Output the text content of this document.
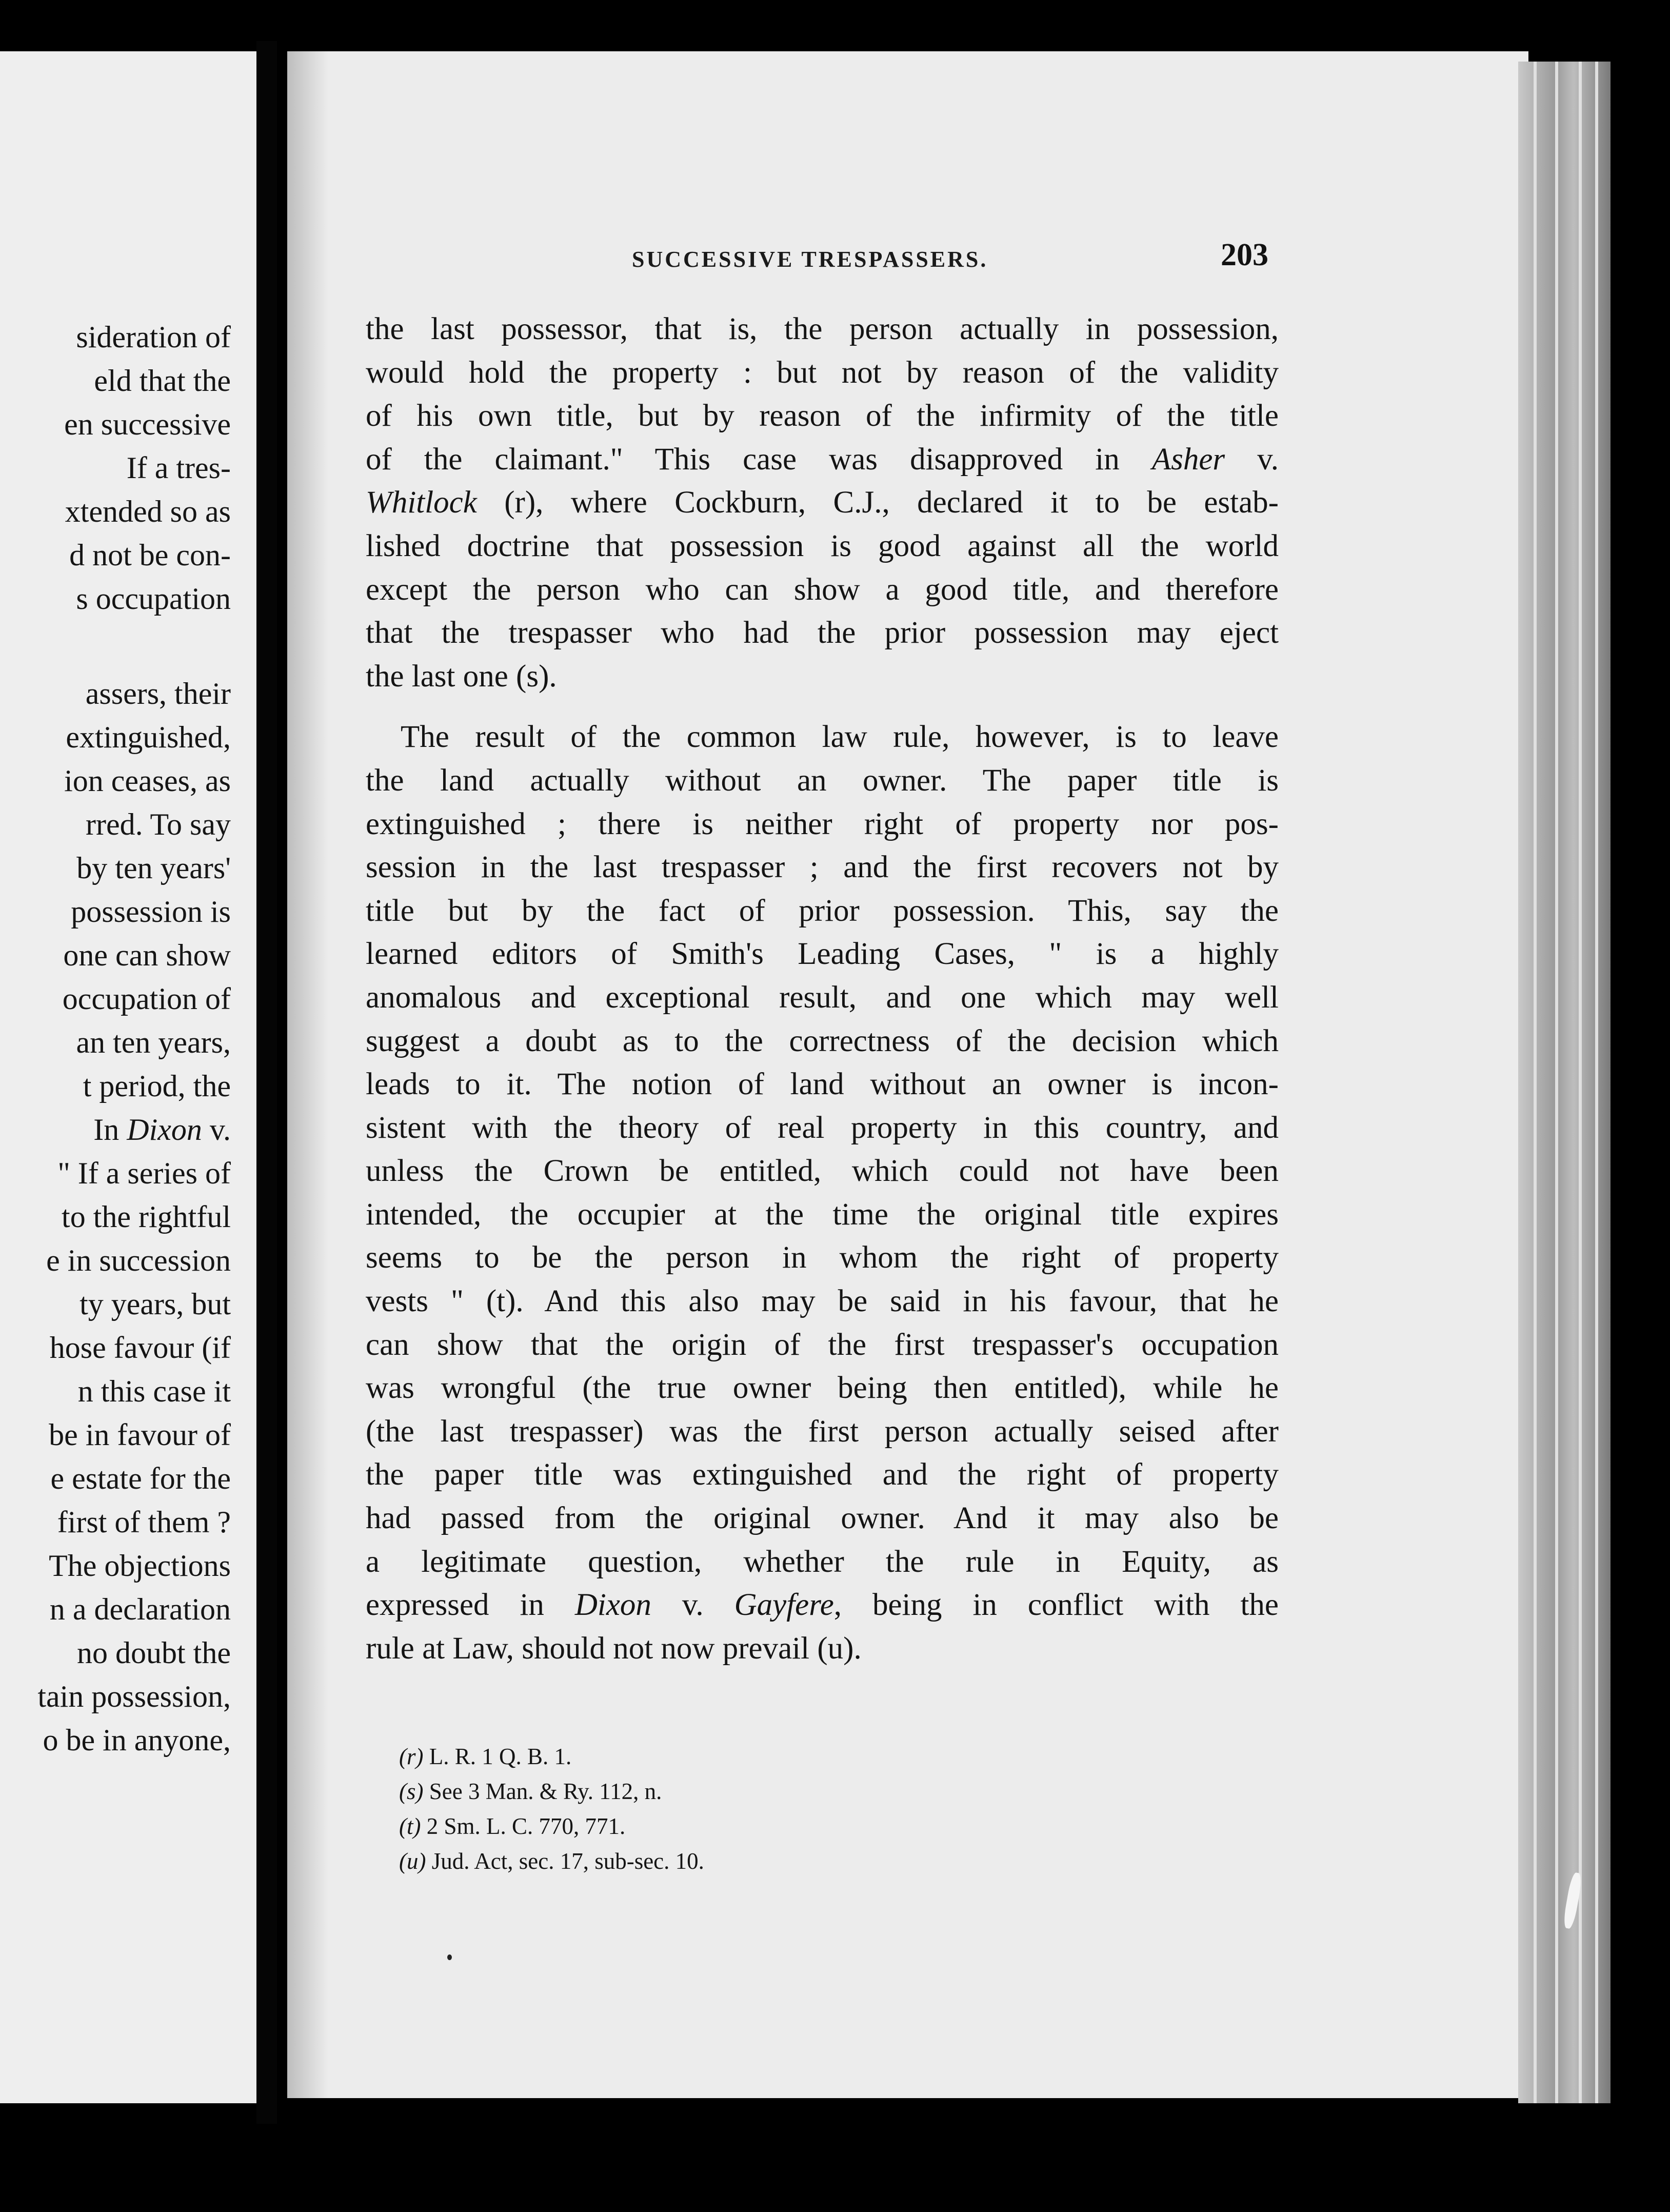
sideration of
eld that the
en successive
If a tres-
xtended so as
d not be con-
s occupation
assers, their
extinguished,
ion ceases, as
rred. To say
by ten years'
possession is
one can show
occupation of
an ten years,
t period, the
In Dixon v.
" If a series of
to the rightful
e in succession
ty years, but
hose favour (if
n this case it
be in favour of
e estate for the
first of them ?
The objections
n a declaration
no doubt the
tain possession,
o be in anyone,
SUCCESSIVE TRESPASSERS.	203
the last possessor, that is, the person actually in possession,
would hold the property : but not by reason of the validity
of his own title, but by reason of the infirmity of the title
of the claimant." This case was disapproved in Asher v.
Whitlock (r), where Cockburn, C.J., declared it to be estab-
lished doctrine that possession is good against all the world
except the person who can show a good title, and therefore
that the trespasser who had the prior possession may eject
the last one (s).
The result of the common law rule, however, is to leave
the land actually without an owner. The paper title is
extinguished ; there is neither right of property nor pos-
session in the last trespasser ; and the first recovers not by
title but by the fact of prior possession. This, say the
learned editors of Smith's Leading Cases, " is a highly
anomalous and exceptional result, and one which may well
suggest a doubt as to the correctness of the decision which
leads to it. The notion of land without an owner is incon-
sistent with the theory of real property in this country, and
unless the Crown be entitled, which could not have been
intended, the occupier at the time the original title expires
seems to be the person in whom the right of property
vests " (t). And this also may be said in his favour, that he
can show that the origin of the first trespasser's occupation
was wrongful (the true owner being then entitled), while he
(the last trespasser) was the first person actually seised after
the paper title was extinguished and the right of property
had passed from the original owner. And it may also be
a legitimate question, whether the rule in Equity, as
expressed in Dixon v. Gayfere, being in conflict with the
rule at Law, should not now prevail (u).
(r) L. R. 1 Q. B. 1.
(s) See 3 Man. & Ry. 112, n.
(t) 2 Sm. L. C. 770, 771.
(u) Jud. Act, sec. 17, sub-sec. 10.
